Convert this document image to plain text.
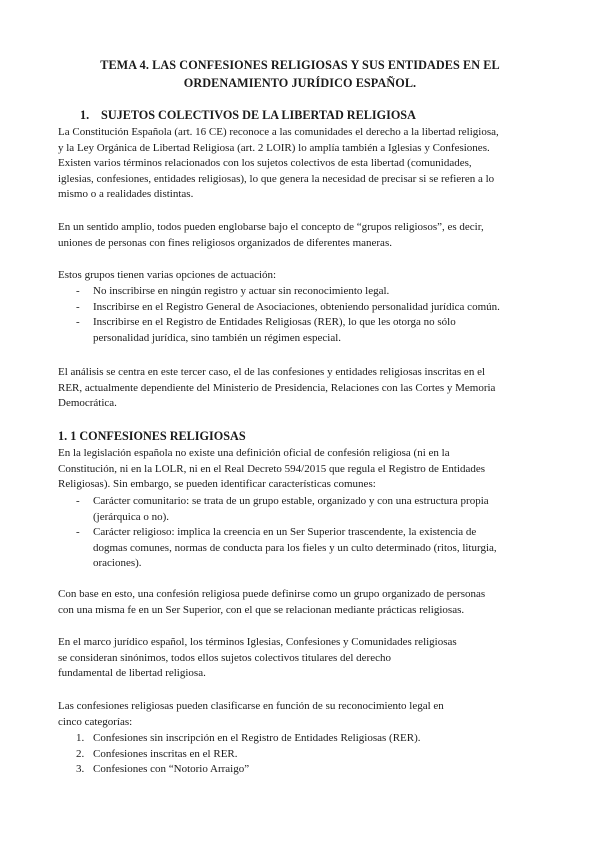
TEMA 4. LAS CONFESIONES RELIGIOSAS Y SUS ENTIDADES EN EL
ORDENAMIENTO JURÍDICO ESPAÑOL.
1. SUJETOS COLECTIVOS DE LA LIBERTAD RELIGIOSA
La Constitución Española (art. 16 CE) reconoce a las comunidades el derecho a la libertad religiosa,
y la Ley Orgánica de Libertad Religiosa (art. 2 LOIR) lo amplía también a Iglesias y Confesiones.
Existen varios términos relacionados con los sujetos colectivos de esta libertad (comunidades,
iglesias, confesiones, entidades religiosas), lo que genera la necesidad de precisar si se refieren a lo
mismo o a realidades distintas.
En un sentido amplio, todos pueden englobarse bajo el concepto de “grupos religiosos”, es decir,
uniones de personas con fines religiosos organizados de diferentes maneras.
Estos grupos tienen varias opciones de actuación:
- No inscribirse en ningún registro y actuar sin reconocimiento legal.
- Inscribirse en el Registro General de Asociaciones, obteniendo personalidad jurídica común.
- Inscribirse en el Registro de Entidades Religiosas (RER), lo que les otorga no sólo
personalidad jurídica, sino también un régimen especial.
El análisis se centra en este tercer caso, el de las confesiones y entidades religiosas inscritas en el
RER, actualmente dependiente del Ministerio de Presidencia, Relaciones con las Cortes y Memoria
Democrática.
1. 1 CONFESIONES RELIGIOSAS
En la legislación española no existe una definición oficial de confesión religiosa (ni en la
Constitución, ni en la LOLR, ni en el Real Decreto 594/2015 que regula el Registro de Entidades
Religiosas). Sin embargo, se pueden identificar características comunes:
- Carácter comunitario: se trata de un grupo estable, organizado y con una estructura propia
(jerárquica o no).
- Carácter religioso: implica la creencia en un Ser Superior trascendente, la existencia de
dogmas comunes, normas de conducta para los fieles y un culto determinado (ritos, liturgia,
oraciones).
Con base en esto, una confesión religiosa puede definirse como un grupo organizado de personas
con una misma fe en un Ser Superior, con el que se relacionan mediante prácticas religiosas.
En el marco jurídico español, los términos Iglesias, Confesiones y Comunidades religiosas
se consideran sinónimos, todos ellos sujetos colectivos titulares del derecho
fundamental de libertad religiosa.
Las confesiones religiosas pueden clasificarse en función de su reconocimiento legal en
cinco categorías:
1. Confesiones sin inscripción en el Registro de Entidades Religiosas (RER).
2. Confesiones inscritas en el RER.
3. Confesiones con “Notorio Arraigo”
